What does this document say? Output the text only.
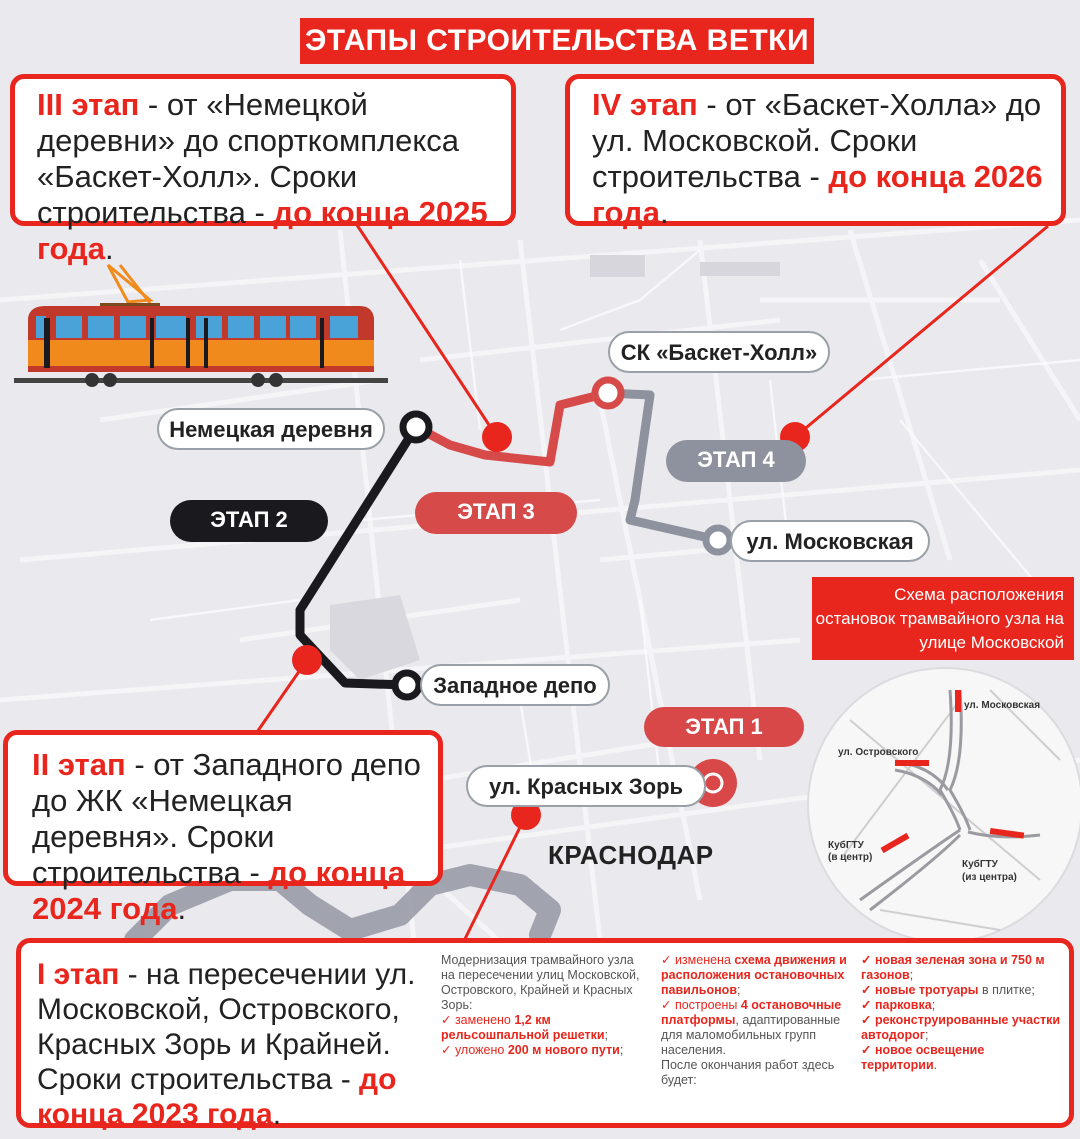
ул. Московская
ул. Островского
КубГТУ
(в центр)
КубГТУ
(из центра)
ЭТАПЫ СТРОИТЕЛЬСТВА ВЕТКИ
III этап - от «Немецкой деревни» до спорткомплекса «Баскет-Холл». Сроки строительства - до конца 2025 года.
IV этап - от «Баскет-Холла» до ул. Московской. Сроки строительства - до конца 2026 года.
II этап - от Западного депо до ЖК «Немецкая деревня». Сроки строительства - до конца 2024 года.
Немецкая деревня
СК «Баскет-Холл»
ул. Московская
Западное депо
ул. Красных Зорь
ЭТАП 2	ЭТАП 3
ЭТАП 4
ЭТАП 1
КРАСНОДАР
Схема расположения остановок трамвайного узла на улице Московской
I этап - на пересечении ул. Московской, Островского, Красных Зорь и Крайней. Сроки строительства - до конца 2023 года.
Модернизация трамвайного узла на пересечении улиц Московской, Островского, Крайней и Красных Зорь:
✓ заменено 1,2 км рельсошпальной решетки;
✓ уложено 200 м нового пути;
✓ изменена схема движения и расположения остановочных павильонов;
✓ построены 4 остановочные платформы, адаптированные для маломобильных групп населения.
После окончания работ здесь будет:
✓ новая зеленая зона и 750 м газонов;
✓ новые тротуары в плитке;
✓ парковка;
✓ реконструированные участки автодорог;
✓ новое освещение территории.
